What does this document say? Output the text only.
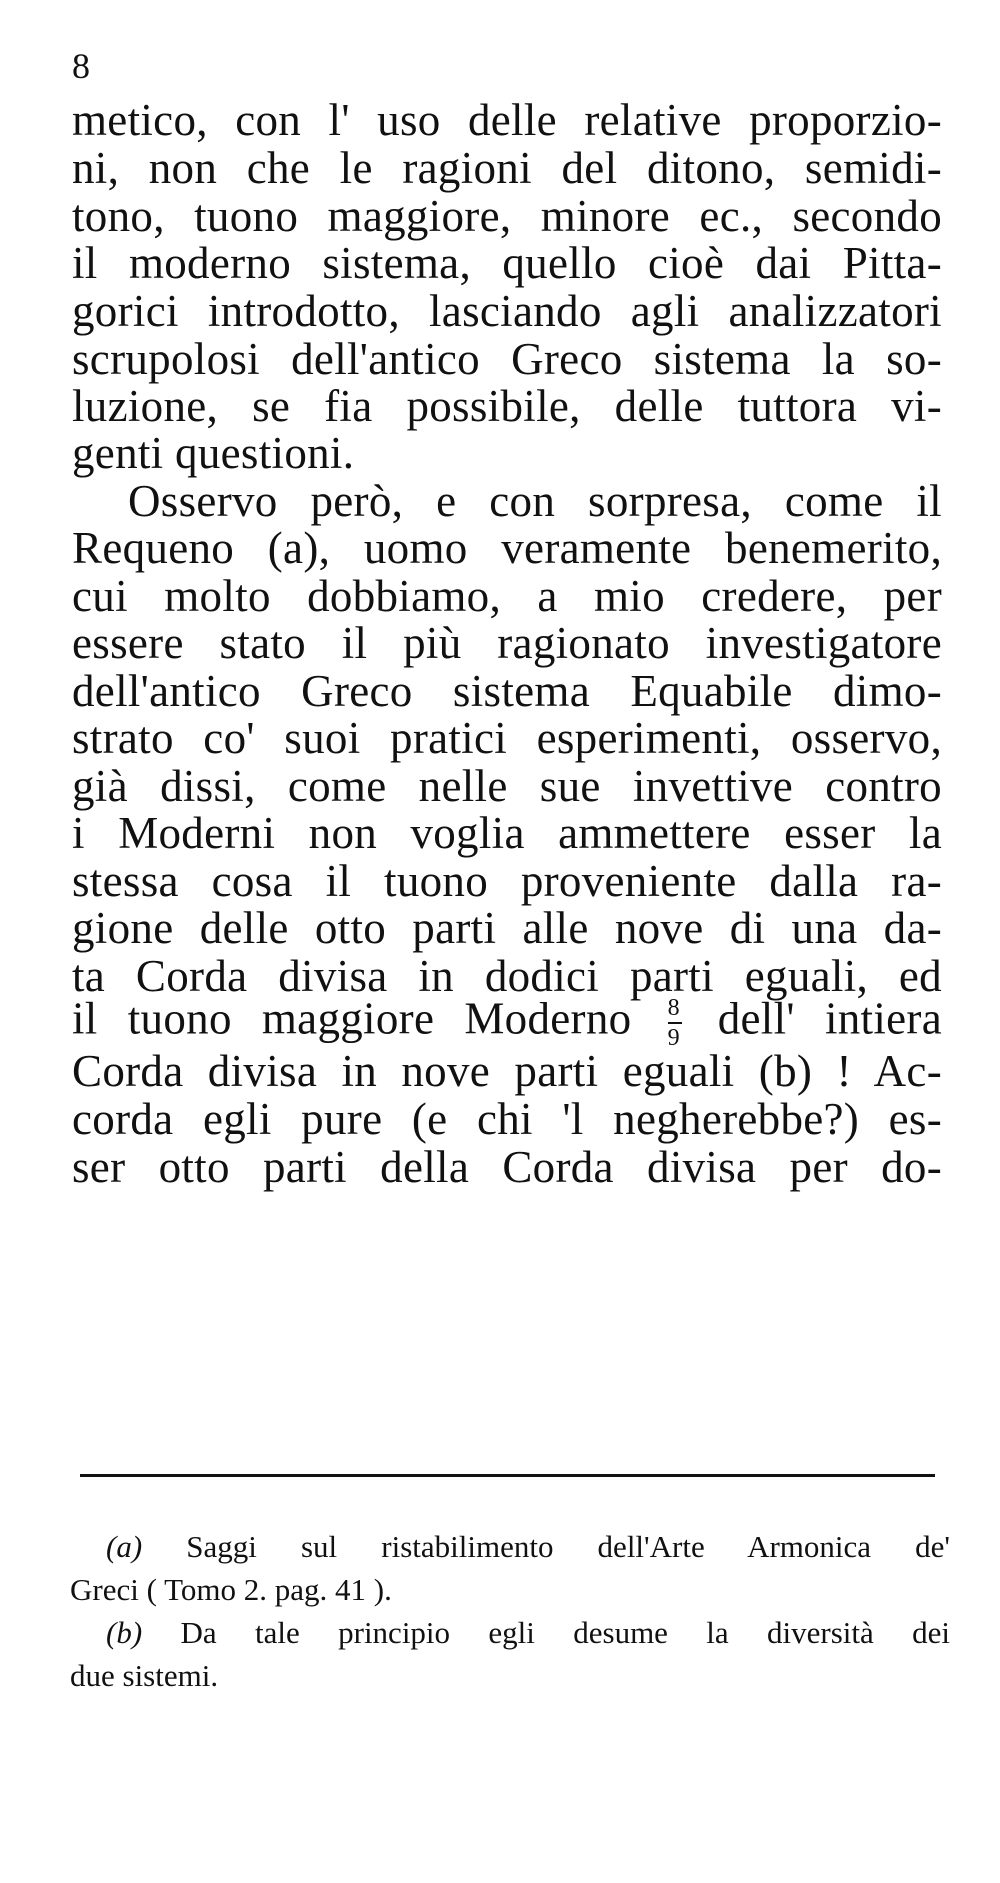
8
metico, con l' uso delle relative proporzio-
ni, non che le ragioni del ditono, semidi-
tono, tuono maggiore, minore ec., secondo
il moderno sistema, quello cioè dai Pitta-
gorici introdotto, lasciando agli analizzatori
scrupolosi dell'antico Greco sistema la so-
luzione, se fia possibile, delle tuttora vi-
genti questioni.
Osservo però, e con sorpresa, come il
Requeno (a), uomo veramente benemerito,
cui molto dobbiamo, a mio credere, per
essere stato il più ragionato investigatore
dell'antico Greco sistema Equabile dimo-
strato co' suoi pratici esperimenti, osservo,
già dissi, come nelle sue invettive contro
i Moderni non voglia ammettere esser la
stessa cosa il tuono proveniente dalla ra-
gione delle otto parti alle nove di una da-
ta Corda divisa in dodici parti eguali, ed
il tuono maggiore Moderno $\frac{8}{9}$ dell' intiera
Corda divisa in nove parti eguali (b) ! Ac-
corda egli pure (e chi 'l negherebbe?) es-
ser otto parti della Corda divisa per do-
(a) Saggi sul ristabilimento dell'Arte Armonica de'
Greci ( Tomo 2. pag. 41 ).
(b) Da tale principio egli desume la diversità dei
due sistemi.
